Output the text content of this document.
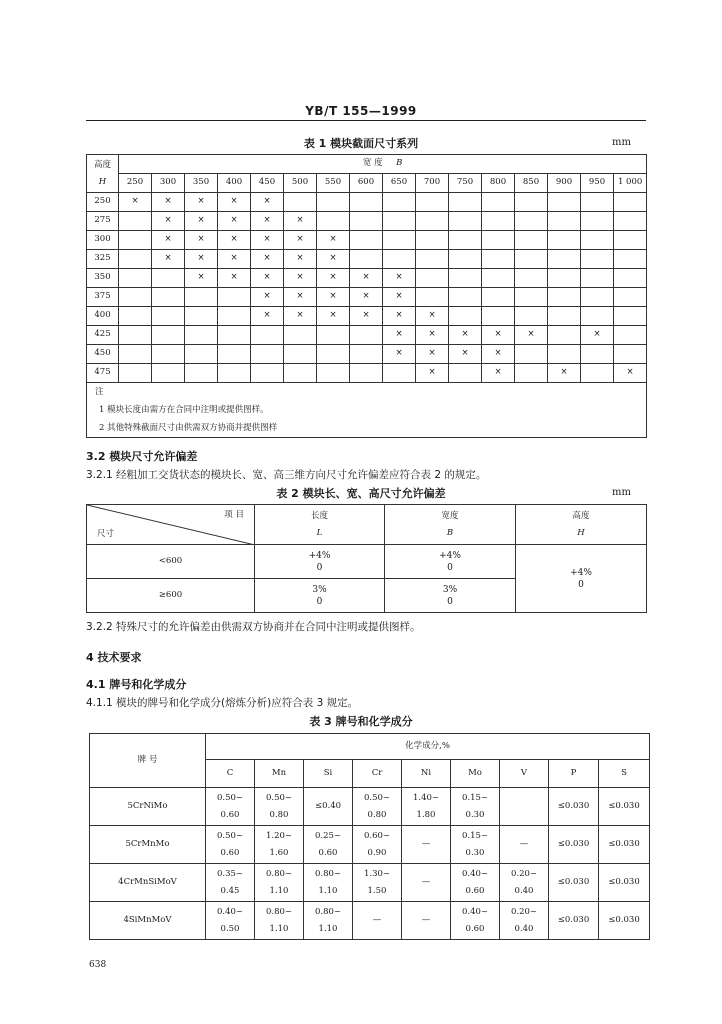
YB/T 155—1999
表 1 模块截面尺寸系列	mm
高度
H	宽 度 B															
	250	300	350	400	450	500	550	600	650	700	750	800	850	900	950	1 000
250	×	×	×	×	×											
275		×	×	×	×	×										
300		×	×	×	×	×	×									
325		×	×	×	×	×	×									
350			×	×	×	×	×	×	×							
375					×	×	×	×	×							
400					×	×	×	×	×	×						
425									×	×	×	×	×		×	
450									×	×	×	×				
475										×		×		×		×

注
1 模块长度由需方在合同中注明或提供图样。
2 其他特殊截面尺寸由供需双方协商并提供图样																
3.2 模块尺寸允许偏差
3.2.1 经粗加工交货状态的模块长、宽、高三维方向尺寸允许偏差应符合表 2 的规定。
表 2 模块长、宽、高尺寸允许偏差	mm
项 目
尺寸	长度
L	宽度
B	高度
H

<600	+4%
0	+4%
0	+4%
0

≥600	3%
0	3%
0	
3.2.2 特殊尺寸的允许偏差由供需双方协商并在合同中注明或提供图样。
4 技术要求
4.1 牌号和化学成分
4.1.1 模块的牌号和化学成分(熔炼分析)应符合表 3 规定。
表 3 牌号和化学成分
牌 号	化学成分,%								
	C	Mn	Si	Cr	Ni	Mo	V	P	S
5CrNiMo	0.50~
0.60	0.50~
0.80	≤0.40	0.50~
0.80	1.40~
1.80	0.15~
0.30		≤0.030	≤0.030

5CrMnMo	0.50~
0.60	1.20~
1.60	0.25~
0.60	0.60~
0.90	—	0.15~
0.30	—	≤0.030	≤0.030

4CrMnSiMoV	0.35~
0.45	0.80~
1.10	0.80~
1.10	1.30~
1.50	—	0.40~
0.60	0.20~
0.40	≤0.030	≤0.030

4SiMnMoV	0.40~
0.50	0.80~
1.10	0.80~
1.10	—	—	0.40~
0.60	0.20~
0.40	≤0.030	≤0.030
638
